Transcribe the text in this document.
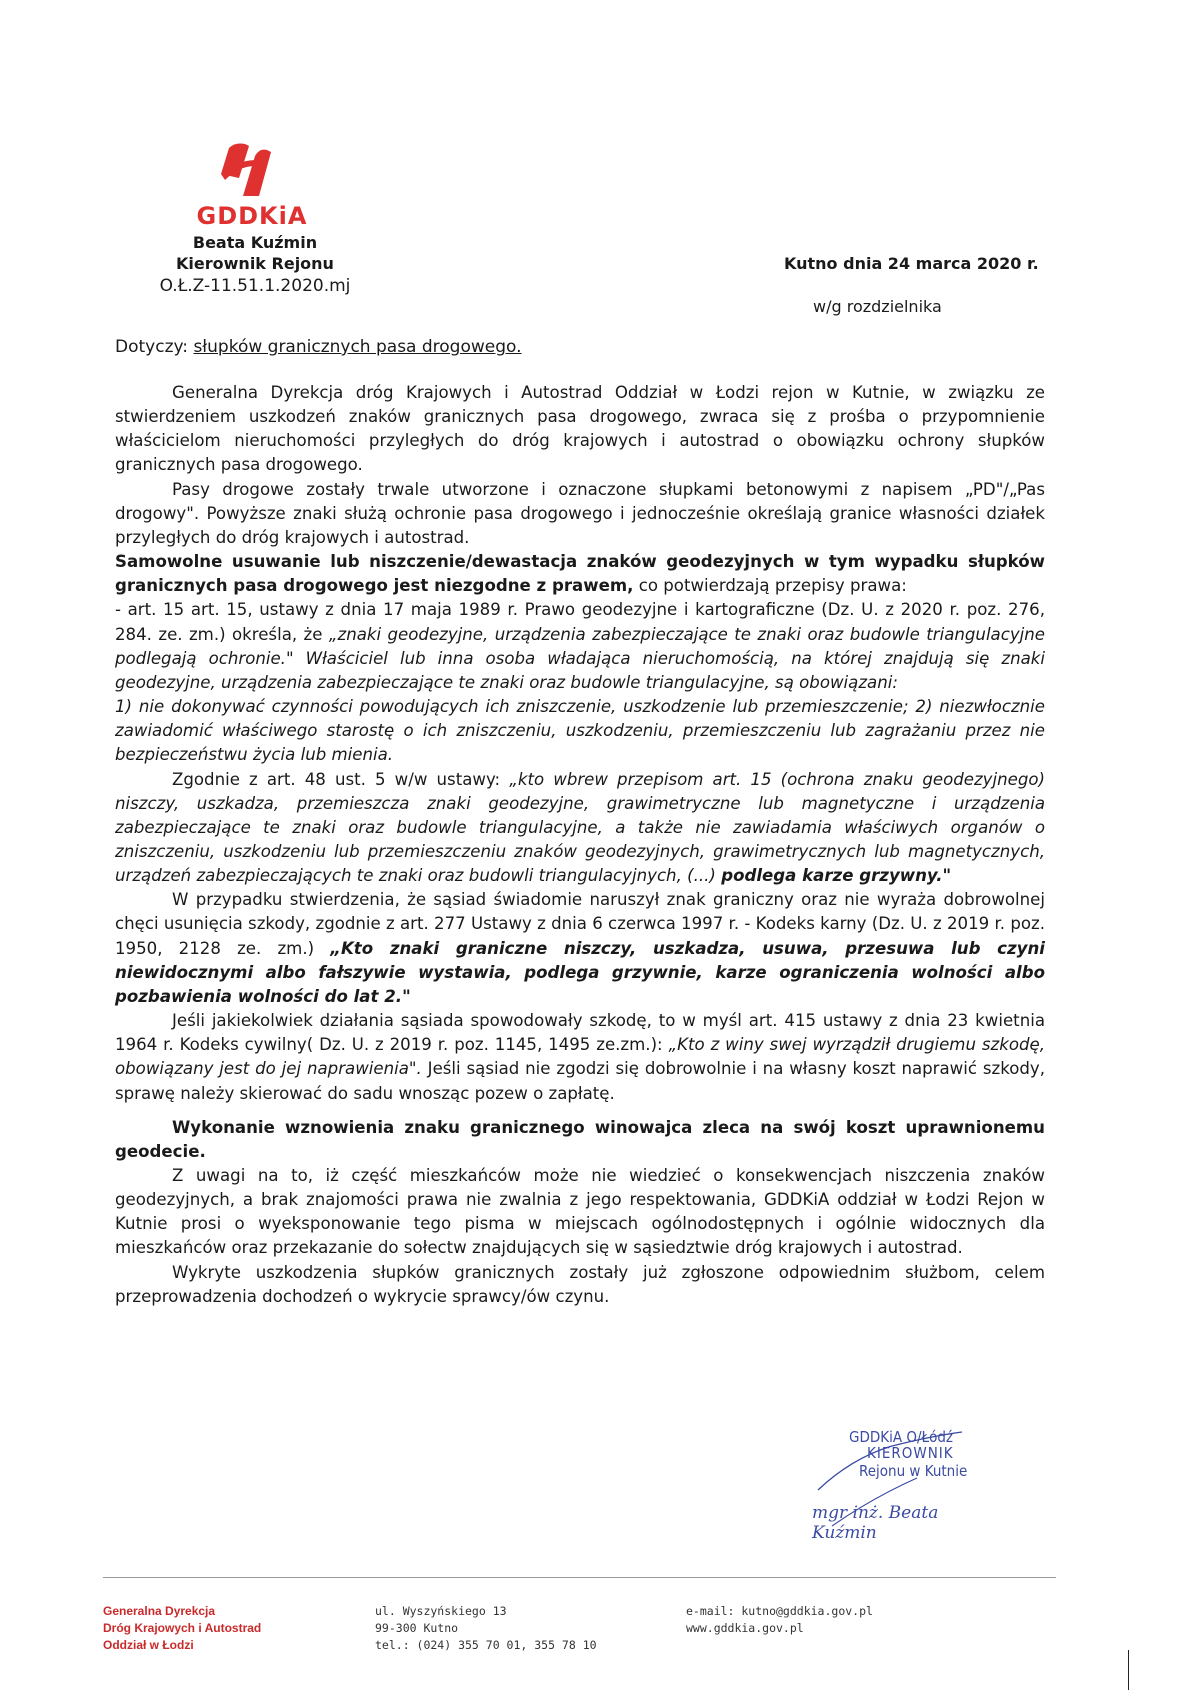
GDDKiA
Beata Kuźmin
Kierownik Rejonu
O.Ł.Z-11.51.1.2020.mj
Kutno dnia 24 marca 2020 r.
w/g rozdzielnika
Dotyczy: słupków granicznych pasa drogowego.

Generalna Dyrekcja dróg Krajowych i Autostrad Oddział w Łodzi rejon w Kutnie, w związku ze stwierdzeniem uszkodzeń znaków granicznych pasa drogowego, zwraca się z prośba o przypomnienie właścicielom nieruchomości przyległych do dróg krajowych i autostrad o obowiązku ochrony słupków granicznych pasa drogowego.

Pasy drogowe zostały trwale utworzone i oznaczone słupkami betonowymi z napisem „PD"/„Pas drogowy". Powyższe znaki służą ochronie pasa drogowego i jednocześnie określają granice własności działek przyległych do dróg krajowych i autostrad.

Samowolne usuwanie lub niszczenie/dewastacja znaków geodezyjnych w tym wypadku słupków granicznych pasa drogowego jest niezgodne z prawem, co potwierdzają przepisy prawa:

- art. 15 art. 15, ustawy z dnia 17 maja 1989 r. Prawo geodezyjne i kartograficzne (Dz. U. z 2020 r. poz. 276, 284. ze. zm.) określa, że „znaki geodezyjne, urządzenia zabezpieczające te znaki oraz budowle triangulacyjne podlegają ochronie." Właściciel lub inna osoba władająca nieruchomością, na której znajdują się znaki geodezyjne, urządzenia zabezpieczające te znaki oraz budowle triangulacyjne, są obowiązani:

1) nie dokonywać czynności powodujących ich zniszczenie, uszkodzenie lub przemieszczenie; 2) niezwłocznie zawiadomić właściwego starostę o ich zniszczeniu, uszkodzeniu, przemieszczeniu lub zagrażaniu przez nie bezpieczeństwu życia lub mienia.

Zgodnie z art. 48 ust. 5 w/w ustawy: „kto wbrew przepisom art. 15 (ochrona znaku geodezyjnego) niszczy, uszkadza, przemieszcza znaki geodezyjne, grawimetryczne lub magnetyczne i urządzenia zabezpieczające te znaki oraz budowle triangulacyjne, a także nie zawiadamia właściwych organów o zniszczeniu, uszkodzeniu lub przemieszczeniu znaków geodezyjnych, grawimetrycznych lub magnetycznych, urządzeń zabezpieczających te znaki oraz budowli triangulacyjnych, (...) podlega karze grzywny."

W przypadku stwierdzenia, że sąsiad świadomie naruszył znak graniczny oraz nie wyraża dobrowolnej chęci usunięcia szkody, zgodnie z art. 277 Ustawy z dnia 6 czerwca 1997 r. - Kodeks karny (Dz. U. z 2019 r. poz. 1950, 2128 ze. zm.) „Kto znaki graniczne niszczy, uszkadza, usuwa, przesuwa lub czyni niewidocznymi albo fałszywie wystawia, podlega grzywnie, karze ograniczenia wolności albo pozbawienia wolności do lat 2."

Jeśli jakiekolwiek działania sąsiada spowodowały szkodę, to w myśl art. 415 ustawy z dnia 23 kwietnia 1964 r. Kodeks cywilny( Dz. U. z 2019 r. poz. 1145, 1495 ze.zm.): „Kto z winy swej wyrządził drugiemu szkodę, obowiązany jest do jej naprawienia". Jeśli sąsiad nie zgodzi się dobrowolnie i na własny koszt naprawić szkody, sprawę należy skierować do sadu wnosząc pozew o zapłatę.

Wykonanie wznowienia znaku granicznego winowajca zleca na swój koszt uprawnionemu geodecie.

Z uwagi na to, iż część mieszkańców może nie wiedzieć o konsekwencjach niszczenia znaków geodezyjnych, a brak znajomości prawa nie zwalnia z jego respektowania, GDDKiA oddział w Łodzi Rejon w Kutnie prosi o wyeksponowanie tego pisma w miejscach ogólnodostępnych i ogólnie widocznych dla mieszkańców oraz przekazanie do sołectw znajdujących się w sąsiedztwie dróg krajowych i autostrad.

Wykryte uszkodzenia słupków granicznych zostały już zgłoszone odpowiednim służbom, celem przeprowadzenia dochodzeń o wykrycie sprawcy/ów czynu.

GDDKiA O/Łódź
KIEROWNIK
Rejonu w Kutnie
mgr inż. Beata Kuźmin
Generalna Dyrekcja
Dróg Krajowych i Autostrad
Oddział w Łodzi
ul. Wyszyńskiego 13
99-300 Kutno
tel.: (024) 355 70 01, 355 78 10
e-mail: kutno@gddkia.gov.pl
www.gddkia.gov.pl
